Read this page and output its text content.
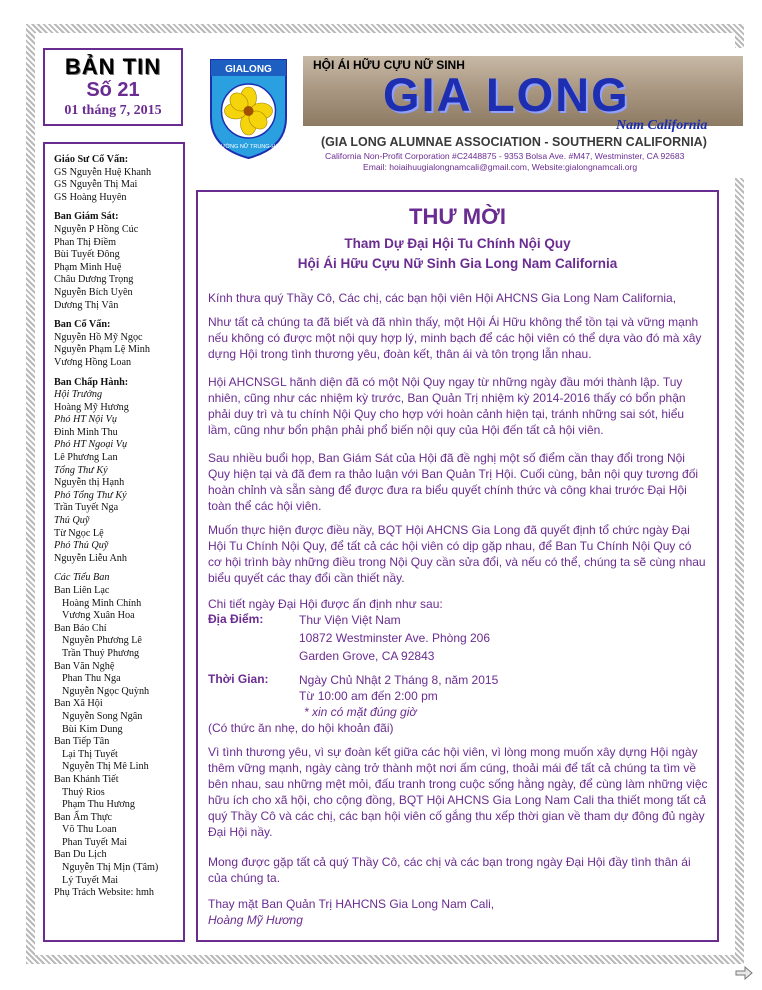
BẢN TIN
Số 21
01 tháng 7, 2015
Giáo Sư Cố Vấn:
GS Nguyễn Huệ Khanh
GS Nguyễn Thị Mai
GS Hoàng Huyên
Ban Giám Sát:
Nguyễn P Hồng Cúc
Phan Thị Điềm
Bùi Tuyết Đông
Phạm Minh Huệ
Châu Dương Trọng
Nguyễn Bích Uyên
Dương Thị Vân
Ban Cố Vấn:
Nguyễn Hồ Mỹ Ngọc
Nguyễn Phạm Lệ Minh
Vương Hồng Loan
Ban Chấp Hành:
Hội Trưởng
Hoàng Mỹ Hương
Phó HT Nội Vụ
Đinh Minh Thu
Phó HT Ngoại Vụ
Lê Phương Lan
Tổng Thư Ký
Nguyễn thị Hạnh
Phó Tổng Thư Ký
Trần Tuyết Nga
Thủ Quỹ
Từ Ngọc Lệ
Phó Thủ Quỹ
Nguyễn Liễu Anh
Các Tiểu Ban
Ban Liên Lạc
Hoàng Minh Chính
Vương Xuân Hoa
Ban Báo Chí
Nguyễn Phương Lê
Trần Thuý Phương
Ban Văn Nghệ
Phan Thu Nga
Nguyễn Ngọc Quỳnh
Ban Xã Hội
Nguyễn Song Ngân
Bùi Kim Dung
Ban Tiếp Tân
Lại Thị Tuyết
Nguyễn Thị Mê Linh
Ban Khánh Tiết
Thuý Rios
Phạm Thu Hương
Ban Ẩm Thực
Võ Thu Loan
Phan Tuyết Mai
Ban Du Lịch
Nguyễn Thị Mịn (Tâm)
Lý Tuyết Mai
Phụ Trách Website: hmh
GIALONG
TRƯỜNG NỮ TRUNG-HỌC
HỘI ÁI HỮU CỰU NỮ SINH
GIA LONG
Nam California
(GIA LONG ALUMNAE ASSOCIATION - SOUTHERN CALIFORNIA)
California Non-Profit Corporation #C2448875 - 9353 Bolsa Ave. #M47, Westminster, CA 92683
Email: hoiaihuugialongnamcali@gmail.com, Website:gialongnamcali.org
THƯ MỜI
Tham Dự Đại Hội Tu Chính Nội Quy
Hội Ái Hữu Cựu Nữ Sinh Gia Long Nam California
Kính thưa quý Thầy Cô, Các chị, các bạn hội viên Hội AHCNS Gia Long Nam California,
Như tất cả chúng ta đã biết và đã nhìn thấy, một Hội Ái Hữu không thể tồn tại và vững mạnh nếu không có được một nội quy hợp lý, minh bạch để các hội viên có thể dựa vào đó mà xây dựng Hội trong tình thương yêu, đoàn kết, thân ái và tôn trọng lẫn nhau.
Hội AHCNSGL hãnh diện đã có một Nội Quy ngay từ những ngày đầu mới thành lập. Tuy nhiên, cũng như các nhiệm kỳ trước, Ban Quản Trị nhiệm kỳ 2014-2016 thấy có bổn phận phải duy trì và tu chính Nội Quy cho hợp với hoàn cảnh hiện tại, tránh những sai sót, hiểu lầm, cũng như bổn phận phải phổ biến nội quy của Hội đến tất cả hội viên.
Sau nhiều buổi họp, Ban Giám Sát của Hội đã đề nghị một số điểm cần thay đổi trong Nội Quy hiện tại và đã đem ra thảo luận với Ban Quản Trị Hội. Cuối cùng, bản nội quy tương đối hoàn chỉnh và sẵn sàng để được đưa ra biểu quyết chính thức và công khai trước Đại Hội toàn thể các hội viên.
Muốn thực hiện được điều nầy, BQT Hội AHCNS Gia Long đã quyết định tổ chức ngày Đại Hội Tu Chính Nội Quy, để tất cả các hội viên có dịp gặp nhau, để Ban Tu Chính Nội Quy có cơ hội trình bày những điều trong Nội Quy cần sửa đổi, và nếu có thể, chúng ta sẽ cùng nhau biểu quyết các thay đổi cần thiết nầy.
Chi tiết ngày Đại Hội được ấn định như sau:
Địa Điểm:	Thư Viện Việt Nam
10872 Westminster Ave. Phòng 206
Garden Grove, CA 92843
Thời Gian:	Ngày Chủ Nhật 2 Tháng 8, năm 2015
Từ 10:00 am đến 2:00 pm
* xin có mặt đúng giờ
(Có thức ăn nhẹ, do hội khoản đãi)
Vì tình thương yêu, vì sự đoàn kết giữa các hội viên, vì lòng mong muốn xây dựng Hội ngày thêm vững mạnh, ngày càng trở thành một nơi ấm cúng, thoải mái để tất cả chúng ta tìm về bên nhau, sau những mệt mỏi, đấu tranh trong cuộc sống hằng ngày, để cùng làm những việc hữu ích cho xã hội, cho cộng đồng, BQT Hội AHCNS Gia Long Nam Cali tha thiết mong tất cả quý Thầy Cô và các chị, các bạn hội viên cố gắng thu xếp thời gian về tham dự đông đủ ngày Đại Hội nầy.
Mong được gặp tất cả quý Thầy Cô, các chị và các bạn trong ngày Đại Hội đầy tình thân ái của chúng ta.
Thay mặt Ban Quản Trị HAHCNS Gia Long Nam Cali,
Hoàng Mỹ Hương
